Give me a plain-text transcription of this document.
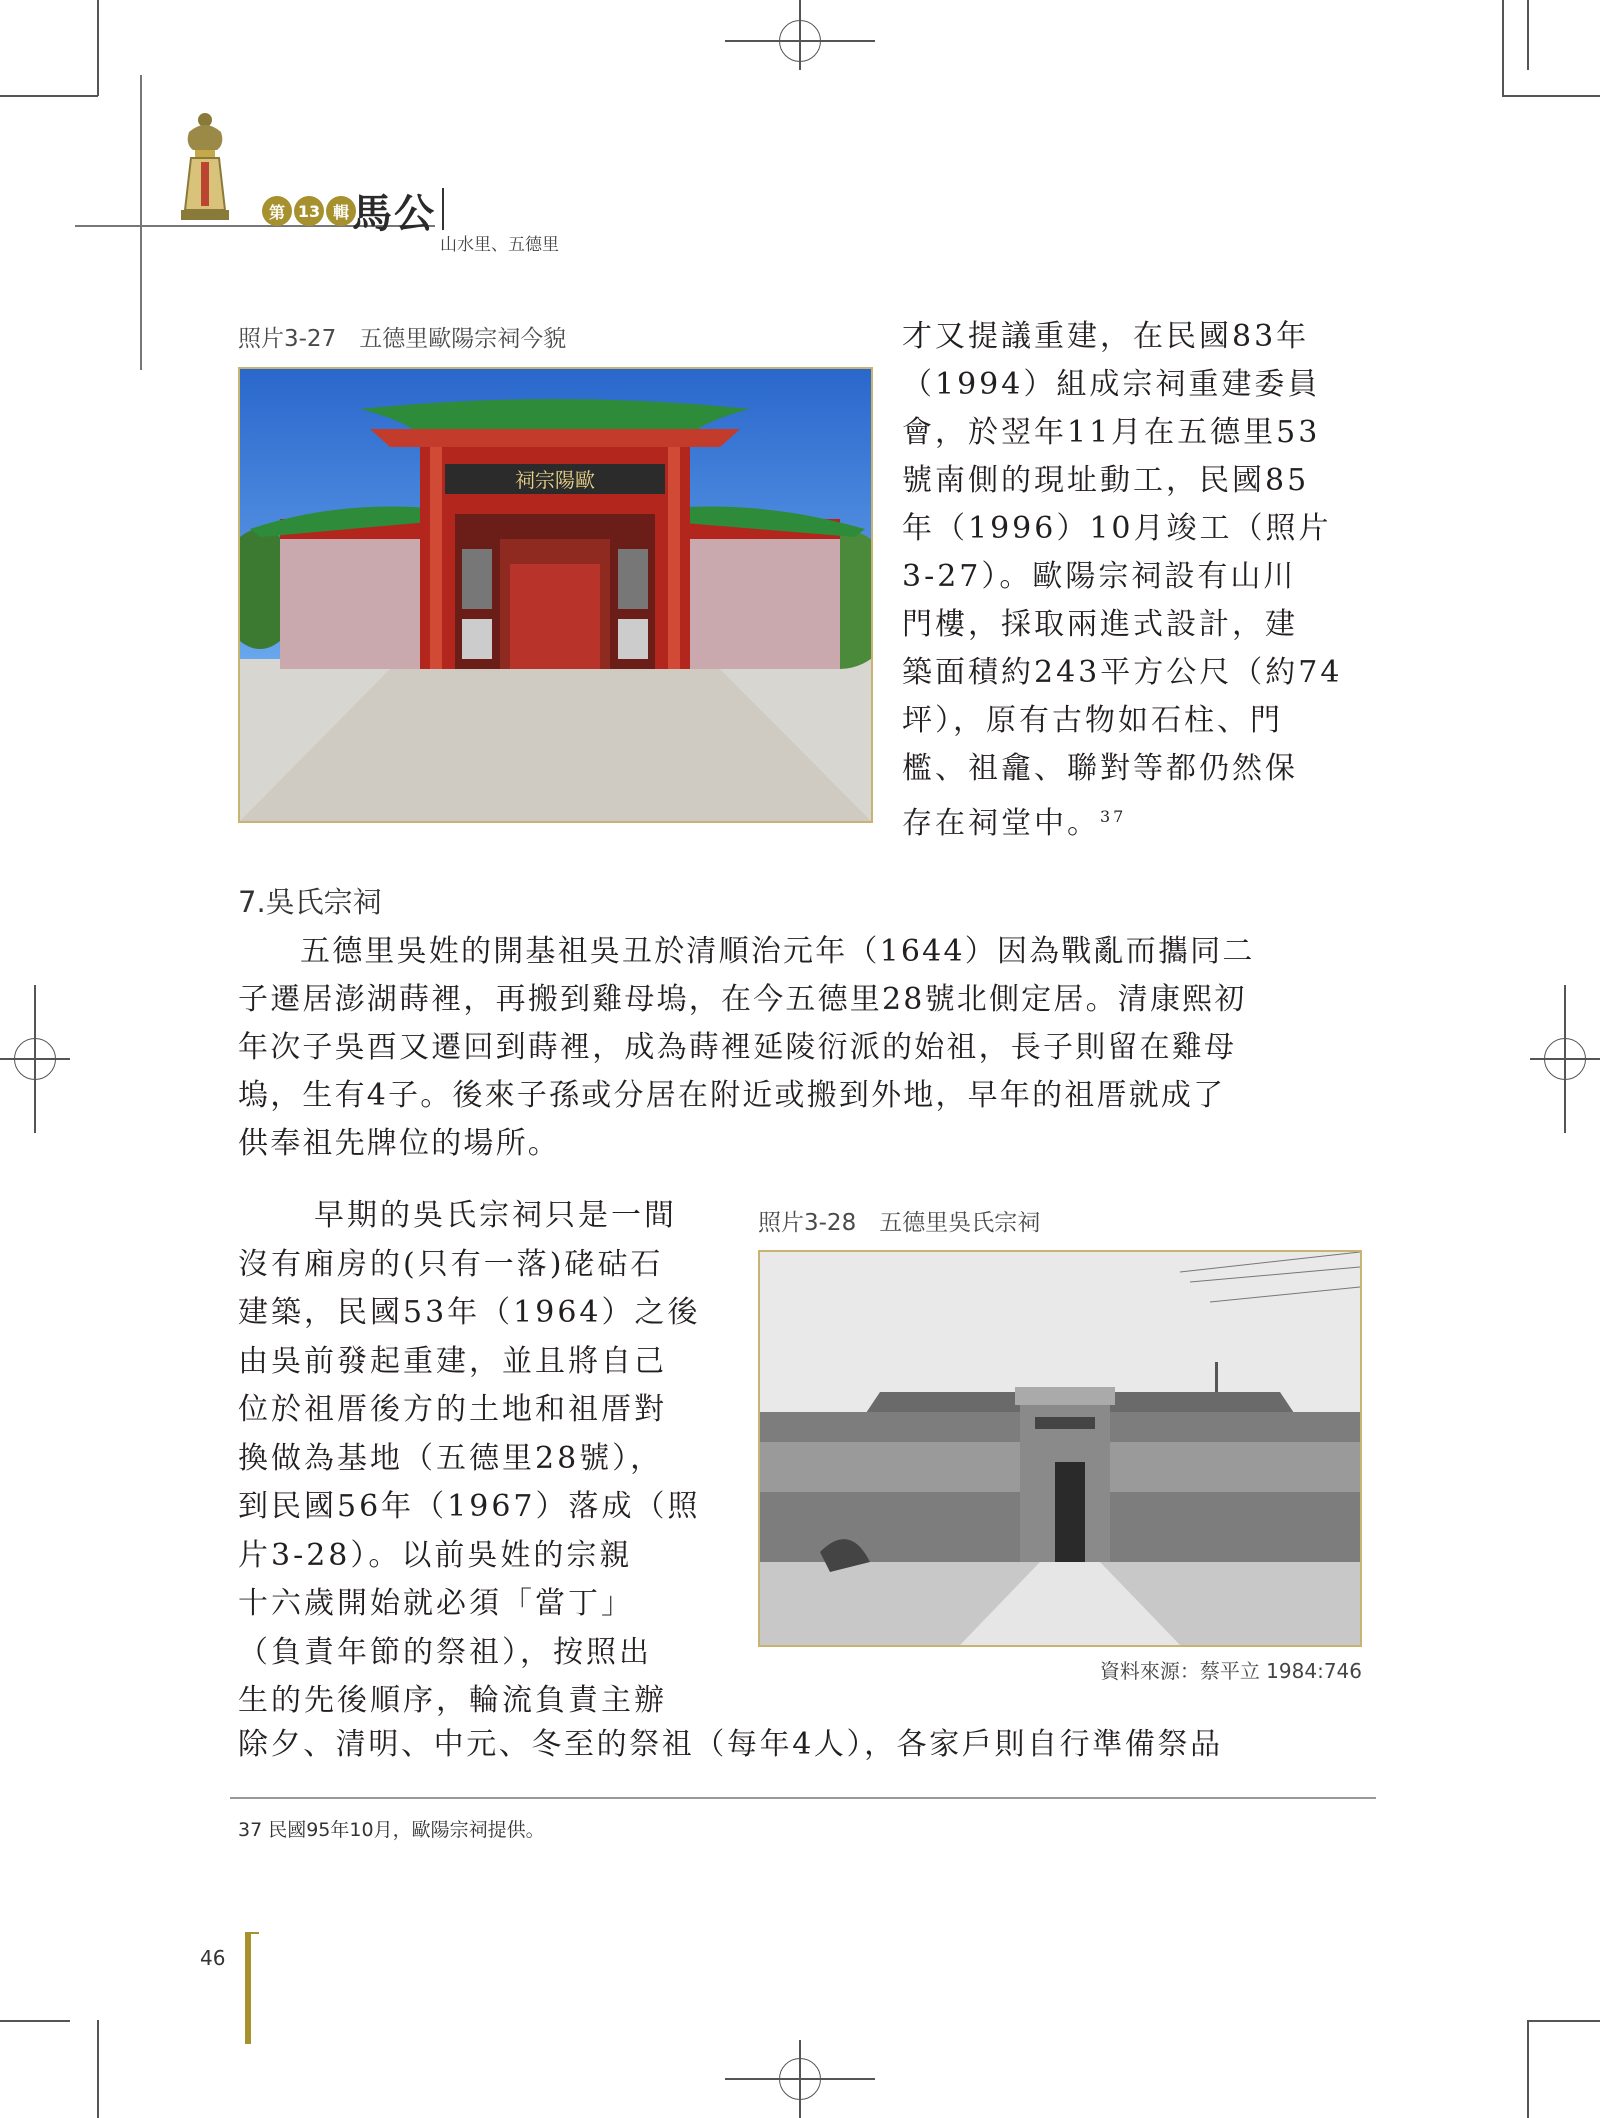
第 13 輯 馬公
山水里、五德里
照片3-27　五德里歐陽宗祠今貌
祠宗陽歐
才又提議重建，在民國83年
（1994）組成宗祠重建委員
會，於翌年11月在五德里53
號南側的現址動工，民國85
年（1996）10月竣工（照片
3-27）。歐陽宗祠設有山川
門樓，採取兩進式設計，建
築面積約243平方公尺（約74
坪），原有古物如石柱、門
檻、祖龕、聯對等都仍然保
存在祠堂中。$^{37}$
7.吳氏宗祠
五德里吳姓的開基祖吳丑於清順治元年（1644）因為戰亂而攜同二
子遷居澎湖蒔裡，再搬到雞母塢，在今五德里28號北側定居。清康熙初
年次子吳酉又遷回到蒔裡，成為蒔裡延陵衍派的始祖，長子則留在雞母
塢，生有4子。後來子孫或分居在附近或搬到外地，早年的祖厝就成了
供奉祖先牌位的場所。
早期的吳氏宗祠只是一間
沒有廂房的(只有一落)硓𥑮石
建築，民國53年（1964）之後
由吳前發起重建，並且將自己
位於祖厝後方的土地和祖厝對
換做為基地（五德里28號），
到民國56年（1967）落成（照
片3-28）。以前吳姓的宗親
十六歲開始就必須「當丁」
（負責年節的祭祖），按照出
生的先後順序，輪流負責主辦
除夕、清明、中元、冬至的祭祖（每年4人），各家戶則自行準備祭品
照片3-28　五德里吳氏宗祠
資料來源：蔡平立 1984:746
37 民國95年10月，歐陽宗祠提供。
46
